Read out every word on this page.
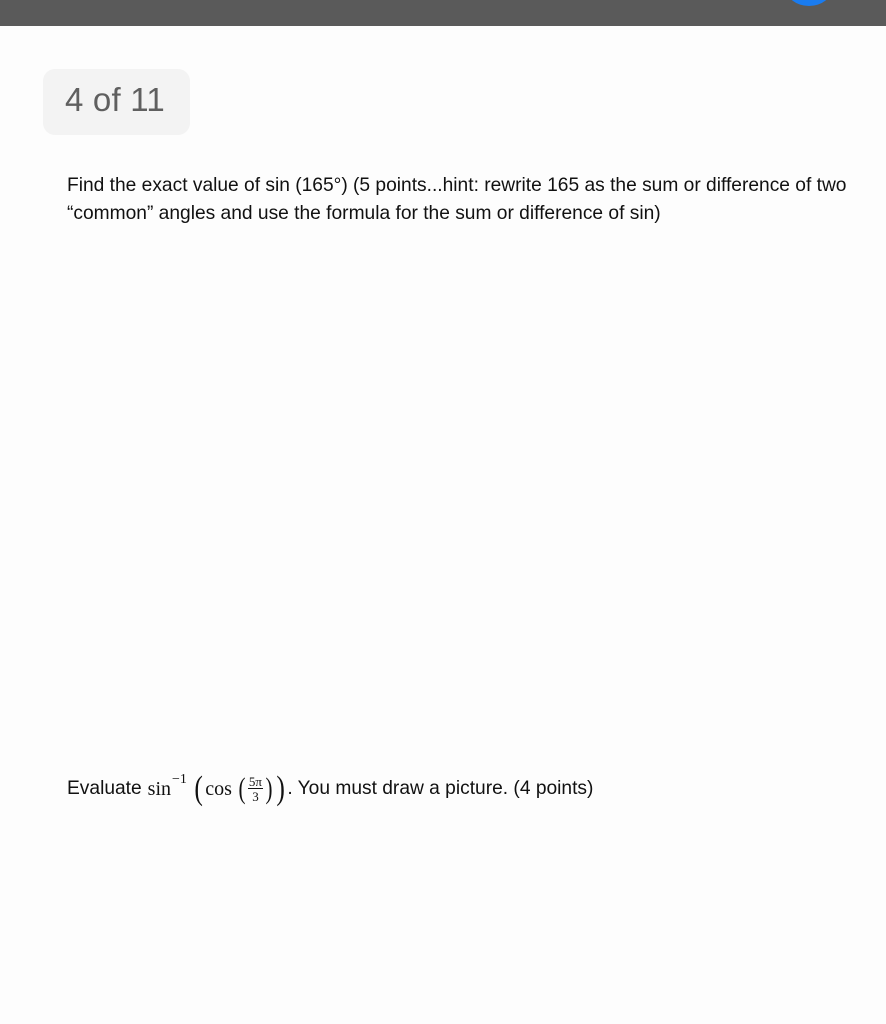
4 of 11
Find the exact value of sin (165°) (5 points...hint: rewrite 165 as the sum or difference of two “common” angles and use the formula for the sum or difference of sin)
Evaluate sin −1 ( cos ( $\frac{5\pi}{3}$ ) ) . You must draw a picture. (4 points)
